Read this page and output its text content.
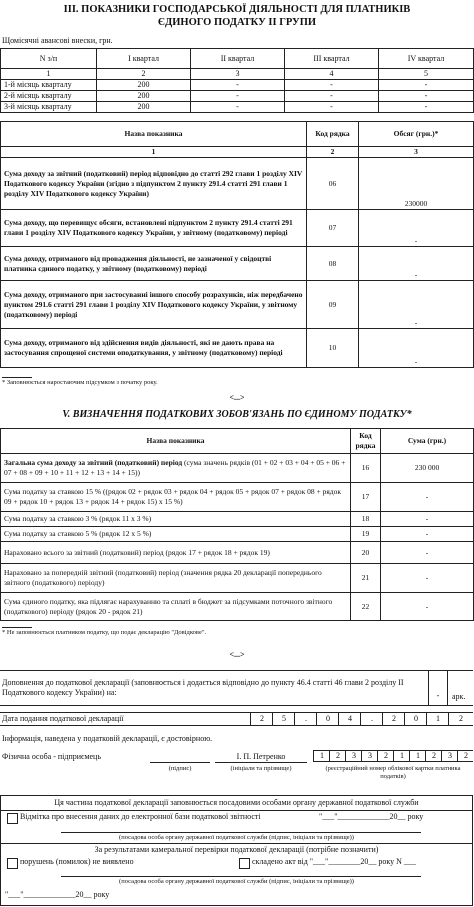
III. ПОКАЗНИКИ ГОСПОДАРСЬКОЇ ДІЯЛЬНОСТІ ДЛЯ ПЛАТНИКІВ
ЄДИНОГО ПОДАТКУ II ГРУПИ
Щомісячні авансові внески, грн.
N з/п	I квартал	II квартал	III квартал	IV квартал
1	2	3	4	5
1-й місяць кварталу	200	-	-	-
2-й місяць кварталу	200	-	-	-
3-й місяць кварталу	200	-	-	-
Назва показника	Код рядка	Обсяг (грн.)*
1	2	3
Сума доходу за звітний (податковий) період відповідно до статті 292 глави 1 розділу XIV Податкового кодексу України (згідно з підпунктом 2 пункту 291.4 статті 291 глави 1 розділу XIV Податкового кодексу України)	06	230000
Сума доходу, що перевищує обсяги, встановлені підпунктом 2 пункту 291.4 статті 291 глави 1 розділу XIV Податкового кодексу України, у звітному (податковому) періоді	07	-
Сума доходу, отриманого від провадження діяльності, не зазначеної у свідоцтві платника єдиного податку, у звітному (податковому) періоді	08	-
Сума доходу, отриманого при застосуванні іншого способу розрахунків, ніж передбачено пунктом 291.6 статті 291 глави 1 розділу XIV Податкового кодексу України, у звітному (податковому) періоді	09	-
Сума доходу, отриманого від здійснення видів діяльності, які не дають права на застосування спрощеної системи оподаткування, у звітному (податковому) періоді	10	-
* Заповнюється наростаючим підсумком з початку року.
<...>
V. ВИЗНАЧЕННЯ ПОДАТКОВИХ ЗОБОВ'ЯЗАНЬ ПО ЄДИНОМУ ПОДАТКУ*
Назва показника	Код рядка	Сума (грн.)
Загальна сума доходу за звітний (податковий) період (сума значень рядків (01 + 02 + 03 + 04 + 05 + 06 + 07 + 08 + 09 + 10 + 11 + 12 + 13 + 14 + 15))	16	230 000
Сума податку за ставкою 15 % ((рядок 02 + рядок 03 + рядок 04 + рядок 05 + рядок 07 + рядок 08 + рядок 09 + рядок 10 + рядок 13 + рядок 14 + рядок 15) х 15 %)	17	-
Сума податку за ставкою 3 % (рядок 11 х 3 %)	18	-
Сума податку за ставкою 5 % (рядок 12 х 5 %)	19	-
Нараховано всього за звітний (податковий) період (рядок 17 + рядок 18 + рядок 19)	20	-
Нараховано за попередній звітний (податковий) період (значення рядка 20 декларації попереднього звітного (податкового) періоду)	21	-
Сума єдиного податку, яка підлягає нарахуванню та сплаті в бюджет за підсумками поточного звітного (податкового) періоду (рядок 20 - рядок 21)	22	-
* Не заповнюється платником податку, що подає декларацію "Довідкове".
<...>
Доповнення до податкової декларації (заповнюється і додається відповідно до пункту 46.4 статті 46 глави 2 розділу II Податкового кодексу України) на:	-	арк.
Дата подання податкової декларації	2	5	.	0	4	.	2	0	1	2
Інформація, наведена у податковій декларації, є достовірною.
Фізична особа - підприємець
(підпис)
І. П. Петренко
(ініціали та прізвище)
1	2	3	3	2	1	1	2	3	2
(реєстраційний номер облікової картки платника податків)
Ця частина податкової декларації заповнюється посадовими особами органу державної податкової служби
Відмітка про внесення даних до електронної бази податкової звітності	"___"_____________20__ року
(посадова особа органу державної податкової служби (підпис, ініціали та прізвище))
За результатами камеральної перевірки податкової декларації (потрібне позначити)
порушень (помилок) не виявлено	складено акт від "___"________20__ року N ___
(посадова особа органу державної податкової служби (підпис, ініціали та прізвище))
"___"_____________20__ року
